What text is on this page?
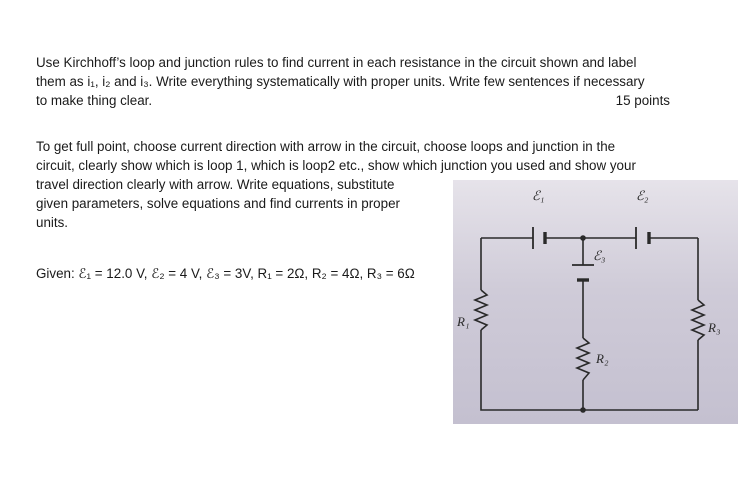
Use Kirchhoff’s loop and junction rules to find current in each resistance in the circuit shown and label
them as i₁, i₂ and i₃. Write everything systematically with proper units. Write few sentences if necessary
to make thing clear.	15 points
To get full point, choose current direction with arrow in the circuit, choose loops and junction in the
circuit, clearly show which is loop 1, which is loop2 etc., show which junction you used and show your
travel direction clearly with arrow. Write equations, substitute
given parameters, solve equations and find currents in proper
units.
Given: ℰ₁ = 12.0 V, ℰ₂ = 4 V, ℰ₃ = 3V, R₁ = 2Ω, R₂ = 4Ω, R₃ = 6Ω
ℰ₁	ℰ₂
ℰ₃
R₁
R₂
R₃
